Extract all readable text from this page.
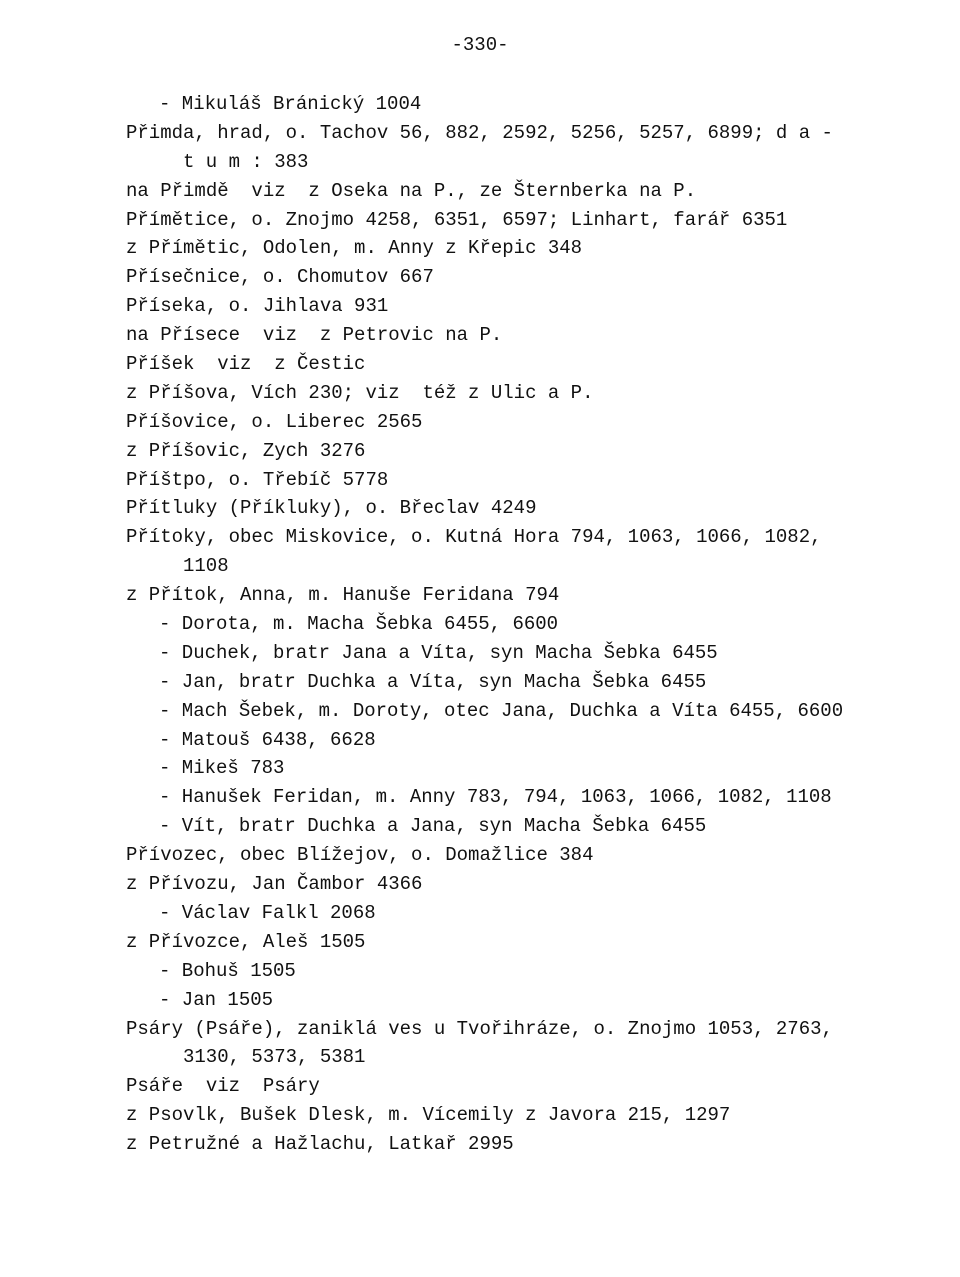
-330-
- Mikuláš Bránický 1004
Přimda, hrad, o. Tachov 56, 882, 2592, 5256, 5257, 6899; d a -
t u m : 383
na Přimdě  viz  z Oseka na P., ze Šternberka na P.
Přímětice, o. Znojmo 4258, 6351, 6597; Linhart, farář 6351
z Přímětic, Odolen, m. Anny z Křepic 348
Přísečnice, o. Chomutov 667
Příseka, o. Jihlava 931
na Přísece  viz  z Petrovic na P.
Příšek  viz  z Čestic
z Příšova, Vích 230; viz  též z Ulic a P.
Příšovice, o. Liberec 2565
z Příšovic, Zych 3276
Příštpo, o. Třebíč 5778
Přítluky (Příkluky), o. Břeclav 4249
Přítoky, obec Miskovice, o. Kutná Hora 794, 1063, 1066, 1082,
1108
z Přítok, Anna, m. Hanuše Feridana 794
- Dorota, m. Macha Šebka 6455, 6600
- Duchek, bratr Jana a Víta, syn Macha Šebka 6455
- Jan, bratr Duchka a Víta, syn Macha Šebka 6455
- Mach Šebek, m. Doroty, otec Jana, Duchka a Víta 6455, 6600
- Matouš 6438, 6628
- Mikeš 783
- Hanušek Feridan, m. Anny 783, 794, 1063, 1066, 1082, 1108
- Vít, bratr Duchka a Jana, syn Macha Šebka 6455
Přívozec, obec Blížejov, o. Domažlice 384
z Přívozu, Jan Čambor 4366
- Václav Falkl 2068
z Přívozce, Aleš 1505
- Bohuš 1505
- Jan 1505
Psáry (Psáře), zaniklá ves u Tvořihráze, o. Znojmo 1053, 2763,
3130, 5373, 5381
Psáře  viz  Psáry
z Psovlk, Bušek Dlesk, m. Vícemily z Javora 215, 1297
z Petružné a Hažlachu, Latkař 2995
